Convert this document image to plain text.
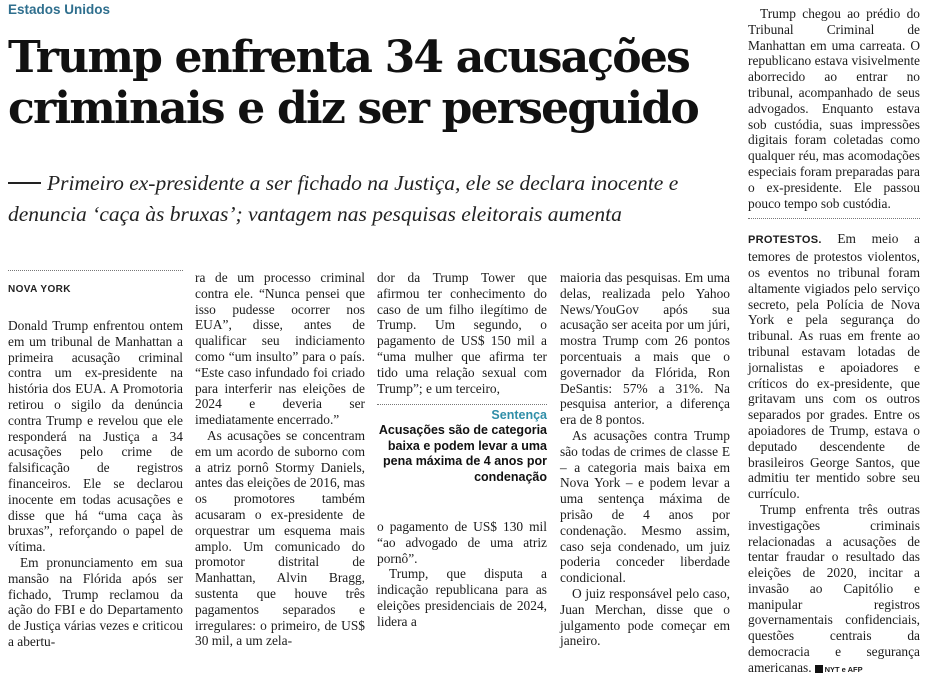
Estados Unidos
Trump enfrenta 34 acusações
criminais e diz ser perseguido
Primeiro ex-presidente a ser fichado na Justiça, ele se declara inocente e denuncia ‘caça às bruxas’; vantagem nas pesquisas eleitorais aumenta
NOVA YORK

Donald Trump enfrentou ontem em um tribunal de Manhattan a primeira acusação criminal contra um ex-presidente na história dos EUA. A Promotoria retirou o sigilo da denúncia contra Trump e revelou que ele responderá na Justiça a 34 acusações pelo crime de falsificação de registros financeiros. Ele se declarou inocente em todas acusações e disse que há “uma caça às bruxas”, reforçando o papel de vítima.

Em pronunciamento em sua mansão na Flórida após ser fichado, Trump reclamou da ação do FBI e do Departamento de Justiça várias vezes e criticou a abertu-

ra de um processo criminal contra ele. “Nunca pensei que isso pudesse ocorrer nos EUA”, disse, antes de qualificar seu indiciamento como “um insulto” para o país. “Este caso infundado foi criado para interferir nas eleições de 2024 e deveria ser imediatamente encerrado.”

As acusações se concentram em um acordo de suborno com a atriz pornô Stormy Daniels, antes das eleições de 2016, mas os promotores também acusaram o ex-presidente de orquestrar um esquema mais amplo. Um comunicado do promotor distrital de Manhattan, Alvin Bragg, sustenta que houve três pagamentos separados e irregulares: o primeiro, de US$ 30 mil, a um zela-

dor da Trump Tower que afirmou ter conhecimento do caso de um filho ilegítimo de Trump. Um segundo, o pagamento de US$ 150 mil a “uma mulher que afirma ter tido uma relação sexual com Trump”; e um terceiro,

Sentença
Acusações são de categoria baixa e podem levar a uma pena máxima de 4 anos por condenação

o pagamento de US$ 130 mil “ao advogado de uma atriz pornô”.

Trump, que disputa a indicação republicana para as eleições presidenciais de 2024, lidera a

maioria das pesquisas. Em uma delas, realizada pelo Yahoo News/YouGov após sua acusação ser aceita por um júri, mostra Trump com 26 pontos porcentuais a mais que o governador da Flórida, Ron DeSantis: 57% a 31%. Na pesquisa anterior, a diferença era de 8 pontos.

As acusações contra Trump são todas de crimes de classe E – a categoria mais baixa em Nova York – e podem levar a uma sentença máxima de prisão de 4 anos por condenação. Mesmo assim, caso seja condenado, um juiz poderia conceder liberdade condicional.

O juiz responsável pelo caso, Juan Merchan, disse que o julgamento pode começar em janeiro.

Trump chegou ao prédio do Tribunal Criminal de Manhattan em uma carreata. O republicano estava visivelmente aborrecido ao entrar no tribunal, acompanhado de seus advogados. Enquanto estava sob custódia, suas impressões digitais foram coletadas como qualquer réu, mas acomodações especiais foram preparadas para o ex-presidente. Ele passou pouco tempo sob custódia.

PROTESTOS. Em meio a temores de protestos violentos, os eventos no tribunal foram altamente vigiados pelo serviço secreto, pela Polícia de Nova York e pela segurança do tribunal. As ruas em frente ao tribunal estavam lotadas de jornalistas e apoiadores e críticos do ex-presidente, que gritavam uns com os outros separados por grades. Entre os apoiadores de Trump, estava o deputado descendente de brasileiros George Santos, que admitiu ter mentido sobre seu currículo.

Trump enfrenta três outras investigações criminais relacionadas a acusações de tentar fraudar o resultado das eleições de 2020, incitar a invasão ao Capitólio e manipular registros governamentais confidenciais, questões centrais da democracia e segurança americanas. NYT e AFP
